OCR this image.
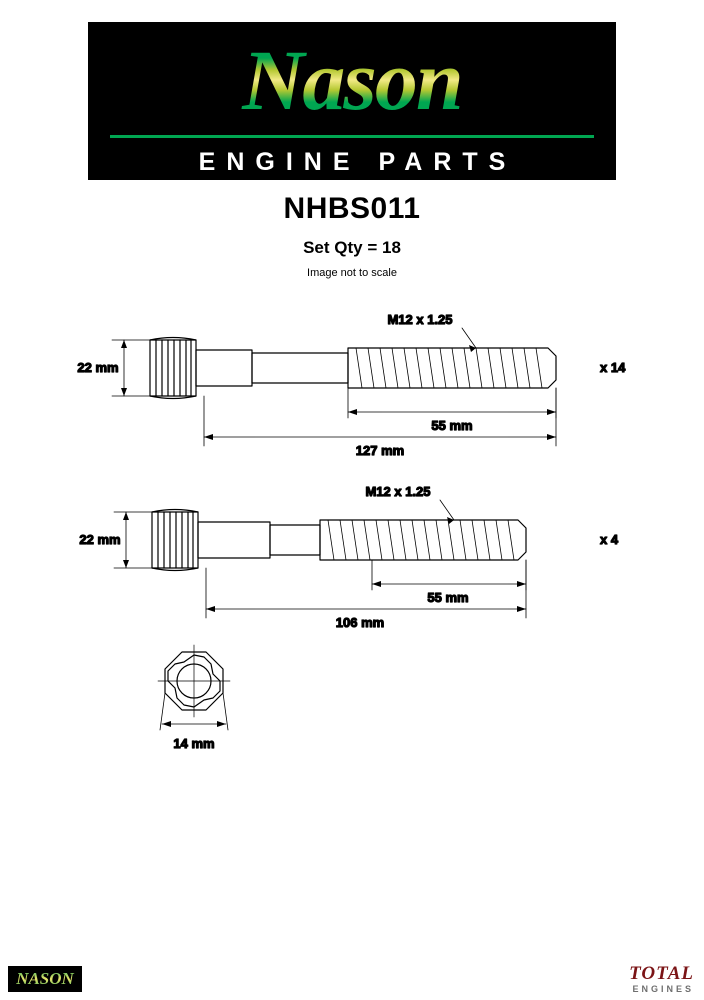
Nason
ENGINE PARTS
NHBS011
Set Qty = 18
Image not to scale
22 mm
M12 x 1.25
55 mm
127 mm
x 14
22 mm
M12 x 1.25
55 mm
106 mm
x 4
14 mm
NASON	TOTAL
ENGINES
